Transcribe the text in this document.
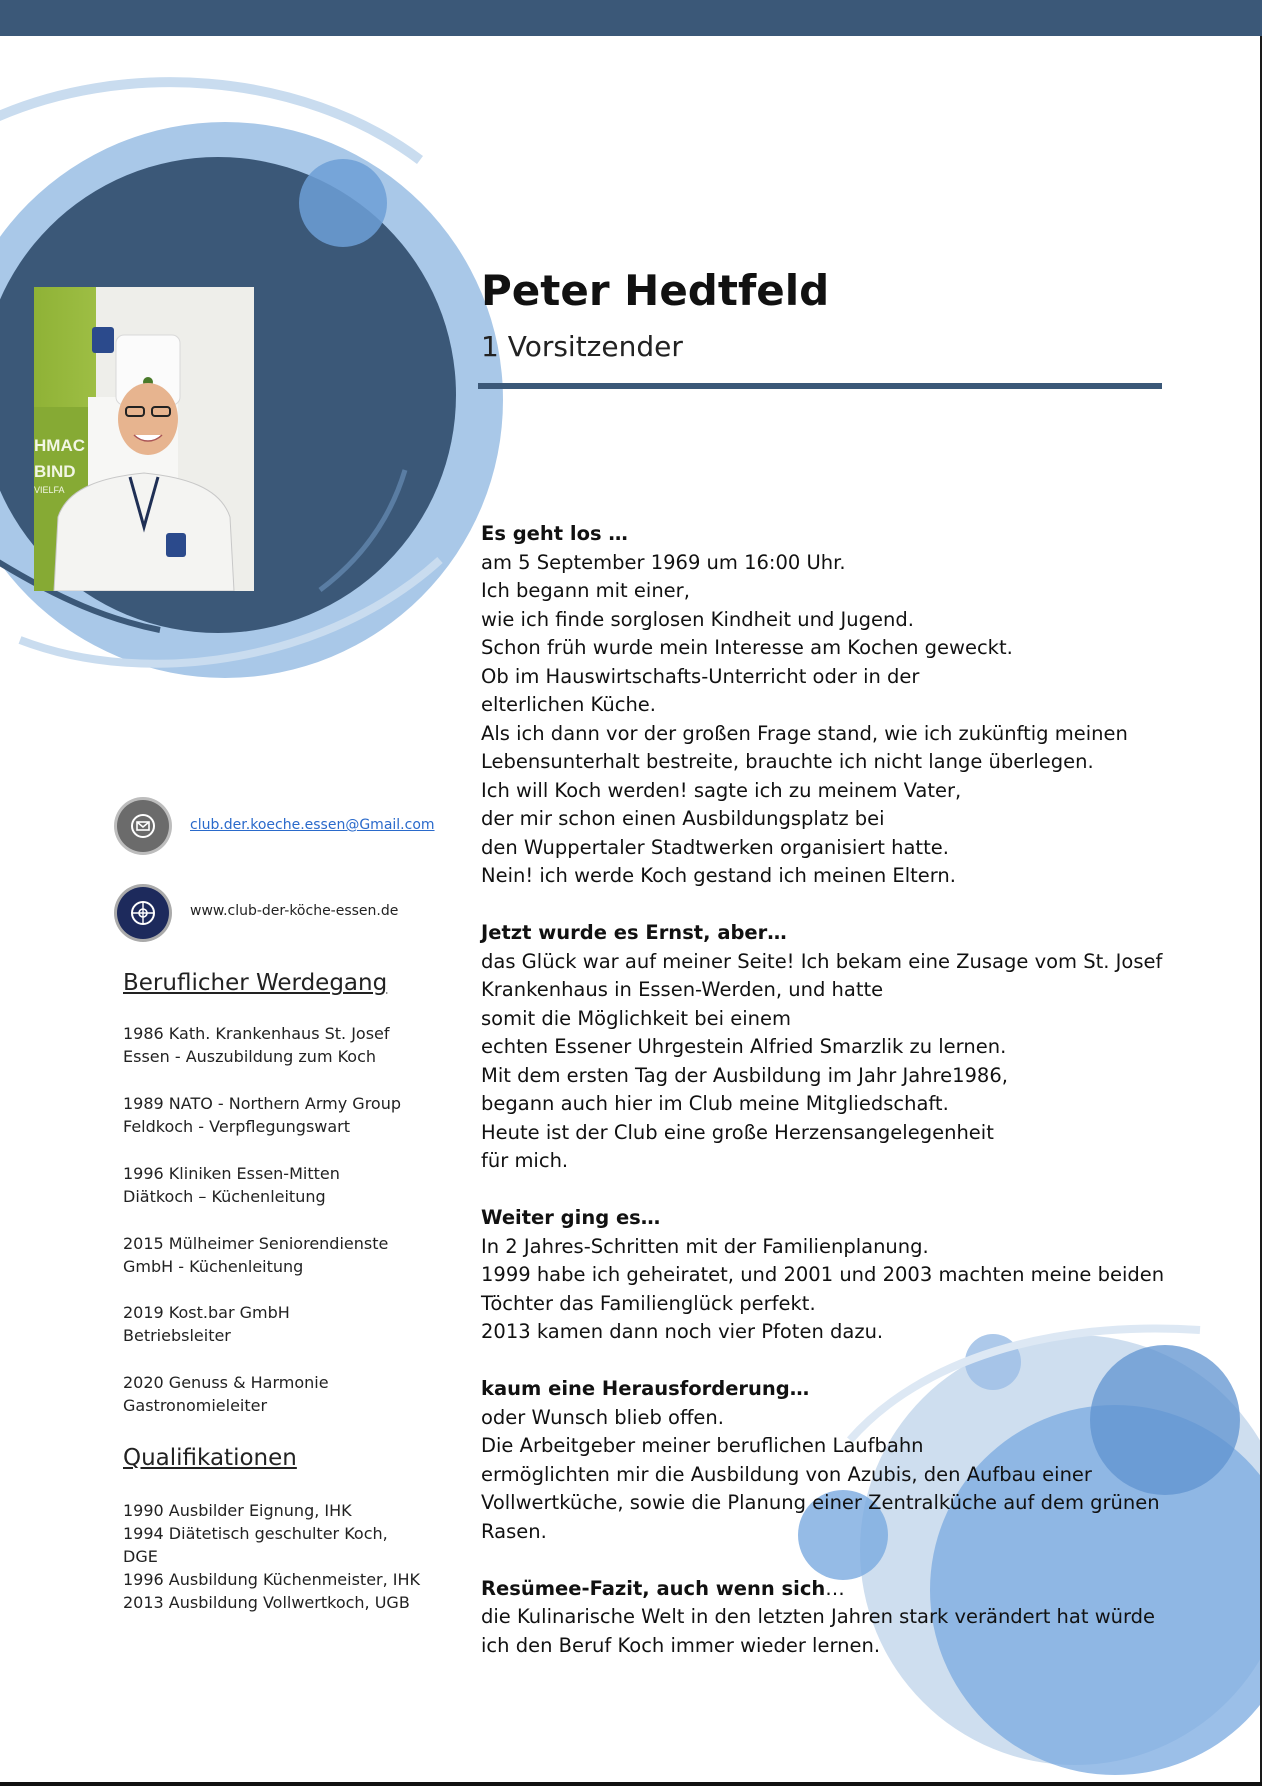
HMAC
BIND
VIELFA
Peter Hedtfeld
1 Vorsitzender
club.der.koeche.essen@Gmail.com
www.club-der-köche-essen.de
Beruflicher Werdegang
1986 Kath. Krankenhaus St. Josef
Essen - Auszubildung zum Koch
1989 NATO - Northern Army Group
Feldkoch - Verpflegungswart
1996 Kliniken Essen-Mitten
Diätkoch – Küchenleitung
2015 Mülheimer Seniorendienste
GmbH - Küchenleitung
2019 Kost.bar GmbH
Betriebsleiter
2020 Genuss & Harmonie
Gastronomieleiter
Qualifikationen
1990 Ausbilder Eignung, IHK
1994 Diätetisch geschulter Koch,
DGE
1996 Ausbildung Küchenmeister, IHK
2013 Ausbildung Vollwertkoch, UGB
Es geht los …
am 5 September 1969 um 16:00 Uhr.
Ich begann mit einer,
wie ich finde sorglosen Kindheit und Jugend.
Schon früh wurde mein Interesse am Kochen geweckt.
Ob im Hauswirtschafts-Unterricht oder in der
elterlichen Küche.
Als ich dann vor der großen Frage stand, wie ich zukünftig meinen
Lebensunterhalt bestreite, brauchte ich nicht lange überlegen.
Ich will Koch werden! sagte ich zu meinem Vater,
der mir schon einen Ausbildungsplatz bei
den Wuppertaler Stadtwerken organisiert hatte.
Nein! ich werde Koch gestand ich meinen Eltern.
Jetzt wurde es Ernst, aber…
das Glück war auf meiner Seite! Ich bekam eine Zusage vom St. Josef
Krankenhaus in Essen-Werden, und hatte
somit die Möglichkeit bei einem
echten Essener Uhrgestein Alfried Smarzlik zu lernen.
Mit dem ersten Tag der Ausbildung im Jahr Jahre1986,
begann auch hier im Club meine Mitgliedschaft.
Heute ist der Club eine große Herzensangelegenheit
für mich.
Weiter ging es…
In 2 Jahres-Schritten mit der Familienplanung.
1999 habe ich geheiratet, und 2001 und 2003 machten meine beiden
Töchter das Familienglück perfekt.
2013 kamen dann noch vier Pfoten dazu.
kaum eine Herausforderung…
oder Wunsch blieb offen.
Die Arbeitgeber meiner beruflichen Laufbahn
ermöglichten mir die Ausbildung von Azubis, den Aufbau einer
Vollwertküche, sowie die Planung einer Zentralküche auf dem grünen
Rasen.
Resümee-Fazit, auch wenn sich…
die Kulinarische Welt in den letzten Jahren stark verändert hat würde
ich den Beruf Koch immer wieder lernen.
